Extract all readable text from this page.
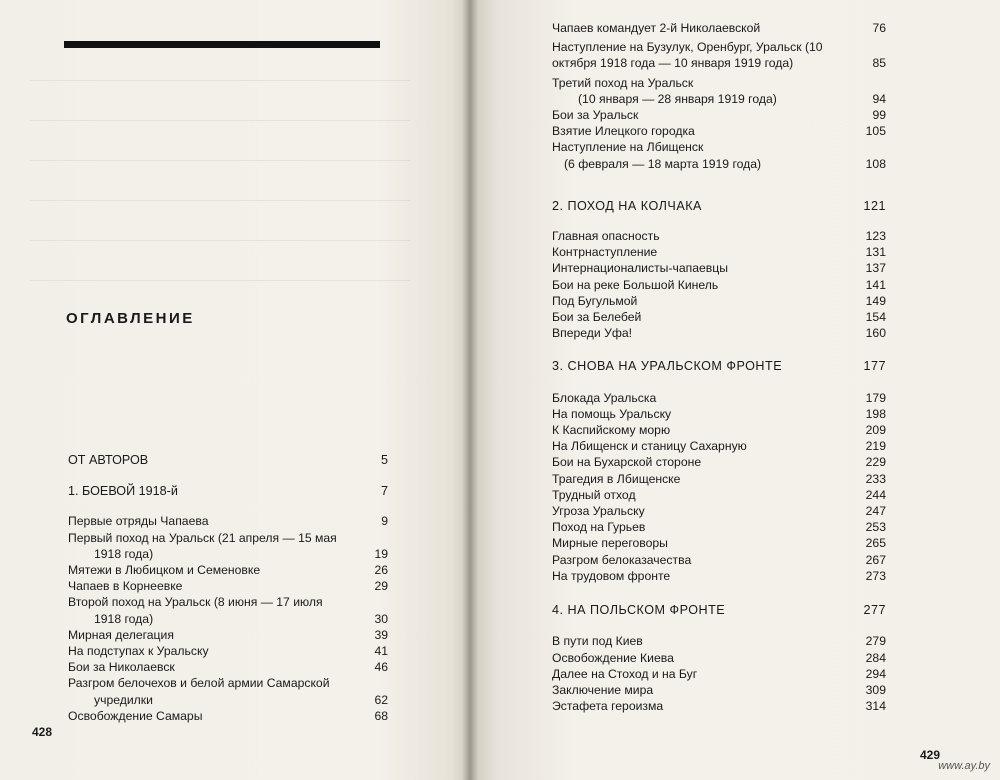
ОГЛАВЛЕНИЕ
ОТ АВТОРОВ	5
1. БОЕВОЙ 1918-й	7
Первые отряды Чапаева	9
Первый поход на Уральск (21 апреля — 15 мая
1918 года)	19
Мятежи в Любицком и Семеновке	26
Чапаев в Корнеевке	29
Второй поход на Уральск (8 июня — 17 июля
1918 года)	30
Мирная делегация	39
На подступах к Уральску	41
Бои за Николаевск	46
Разгром белочехов и белой армии Самарской
учредилки	62
Освобождение Самары	68
428
Чапаев командует 2-й Николаевской	76
Наступление на Бузулук, Оренбург, Уральск (10
октября 1918 года — 10 января 1919 года)	85
Третий поход на Уральск
(10 января — 28 января 1919 года)	94
Бои за Уральск	99
Взятие Илецкого городка	105
Наступление на Лбищенск
(6 февраля — 18 марта 1919 года)	108
2. ПОХОД НА КОЛЧАКА	121
Главная опасность	123
Контрнаступление	131
Интернационалисты-чапаевцы	137
Бои на реке Большой Кинель	141
Под Бугульмой	149
Бои за Белебей	154
Впереди Уфа!	160
3. СНОВА НА УРАЛЬСКОМ ФРОНТЕ	177
Блокада Уральска	179
На помощь Уральску	198
К Каспийскому морю	209
На Лбищенск и станицу Сахарную	219
Бои на Бухарской стороне	229
Трагедия в Лбищенске	233
Трудный отход	244
Угроза Уральску	247
Поход на Гурьев	253
Мирные переговоры	265
Разгром белоказачества	267
На трудовом фронте	273
4. НА ПОЛЬСКОМ ФРОНТЕ	277
В пути под Киев	279
Освобождение Киева	284
Далее на Стоход и на Буг	294
Заключение мира	309
Эстафета героизма	314
429
www.ay.by
